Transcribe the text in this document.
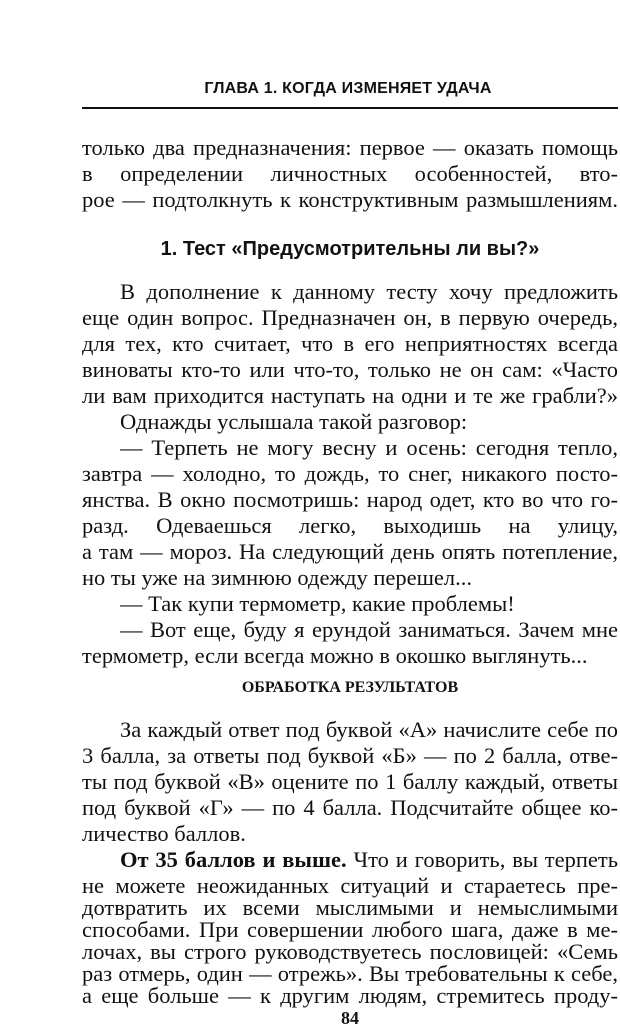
ГЛАВА 1. КОГДА ИЗМЕНЯЕТ УДАЧА
только два предназначения: первое — оказать помощь
в определении личностных особенностей, вто-
рое — подтолкнуть к конструктивным размышлениям.
1. Тест «Предусмотрительны ли вы?»
В дополнение к данному тесту хочу предложить
еще один вопрос. Предназначен он, в первую очередь,
для тех, кто считает, что в его неприятностях всегда
виноваты кто-то или что-то, только не он сам: «Часто
ли вам приходится наступать на одни и те же грабли?»
Однажды услышала такой разговор:
— Терпеть не могу весну и осень: сегодня тепло,
завтра — холодно, то дождь, то снег, никакого посто-
янства. В окно посмотришь: народ одет, кто во что го-
разд. Одеваешься легко, выходишь на улицу,
а там — мороз. На следующий день опять потепление,
но ты уже на зимнюю одежду перешел...
— Так купи термометр, какие проблемы!
— Вот еще, буду я ерундой заниматься. Зачем мне
термометр, если всегда можно в окошко выглянуть...
ОБРАБОТКА РЕЗУЛЬТАТОВ
За каждый ответ под буквой «А» начислите себе по
3 балла, за ответы под буквой «Б» — по 2 балла, отве-
ты под буквой «В» оцените по 1 баллу каждый, ответы
под буквой «Г» — по 4 балла. Подсчитайте общее ко-
личество баллов.
От 35 баллов и выше. Что и говорить, вы терпеть
не можете неожиданных ситуаций и стараетесь пре-
дотвратить их всеми мыслимыми и немыслимыми
способами. При совершении любого шага, даже в ме-
лочах, вы строго руководствуетесь пословицей: «Семь
раз отмерь, один — отрежь». Вы требовательны к себе,
84
а еще больше — к другим людям, стремитесь проду-
